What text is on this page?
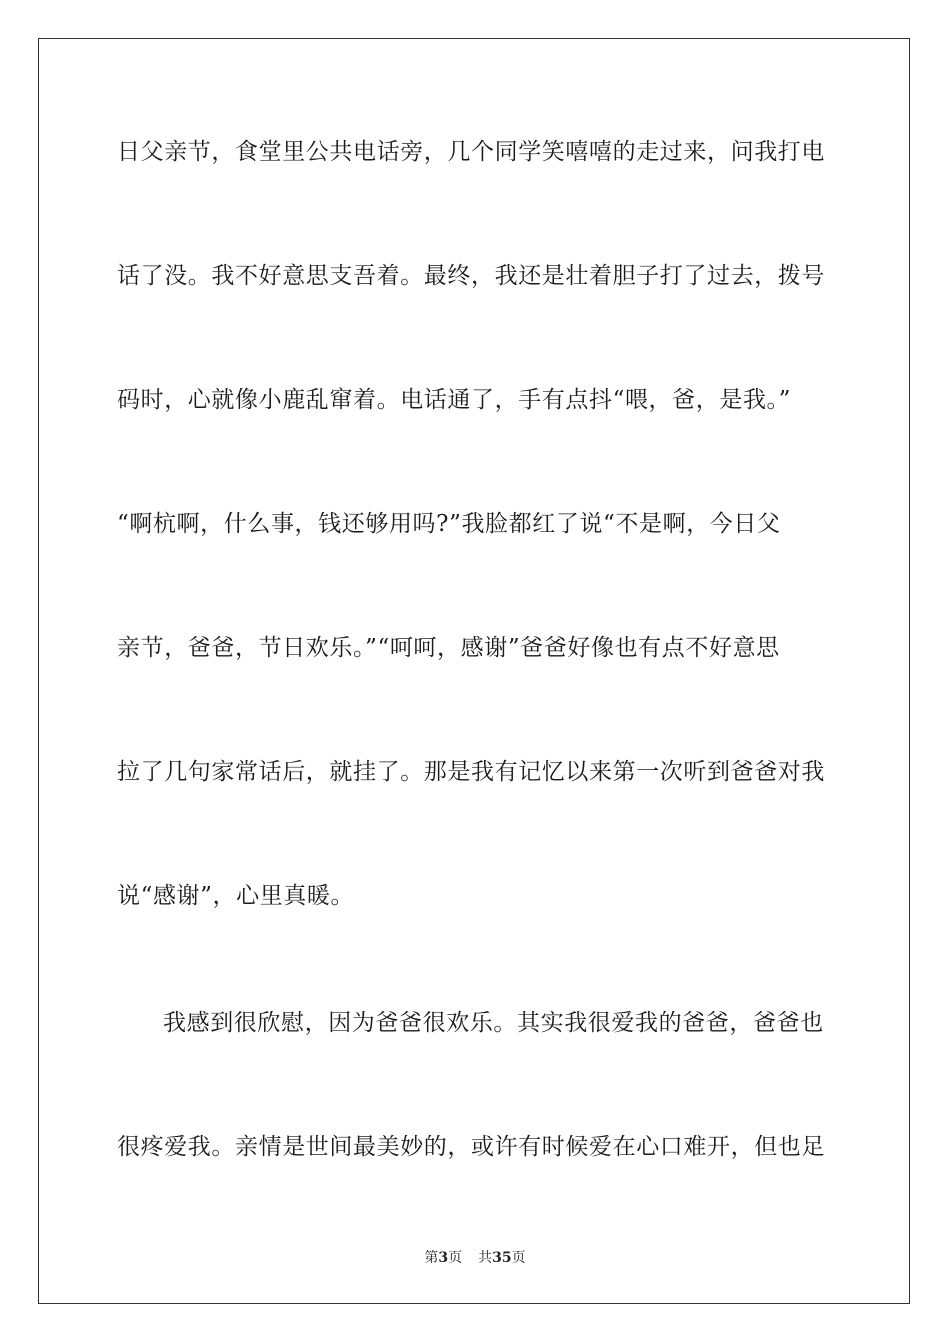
日父亲节，食堂里公共电话旁，几个同学笑嘻嘻的走过来，问我打电
话了没。我不好意思支吾着。最终，我还是壮着胆子打了过去，拨号
码时，心就像小鹿乱窜着。电话通了，手有点抖“喂，爸，是我。”
“啊杭啊，什么事，钱还够用吗?”我脸都红了说“不是啊，今日父
亲节，爸爸，节日欢乐。”“呵呵，感谢”爸爸好像也有点不好意思
拉了几句家常话后，就挂了。那是我有记忆以来第一次听到爸爸对我
说“感谢”，心里真暖。
我感到很欣慰，因为爸爸很欢乐。其实我很爱我的爸爸，爸爸也
很疼爱我。亲情是世间最美妙的，或许有时候爱在心口难开，但也足
第3页 共35页
